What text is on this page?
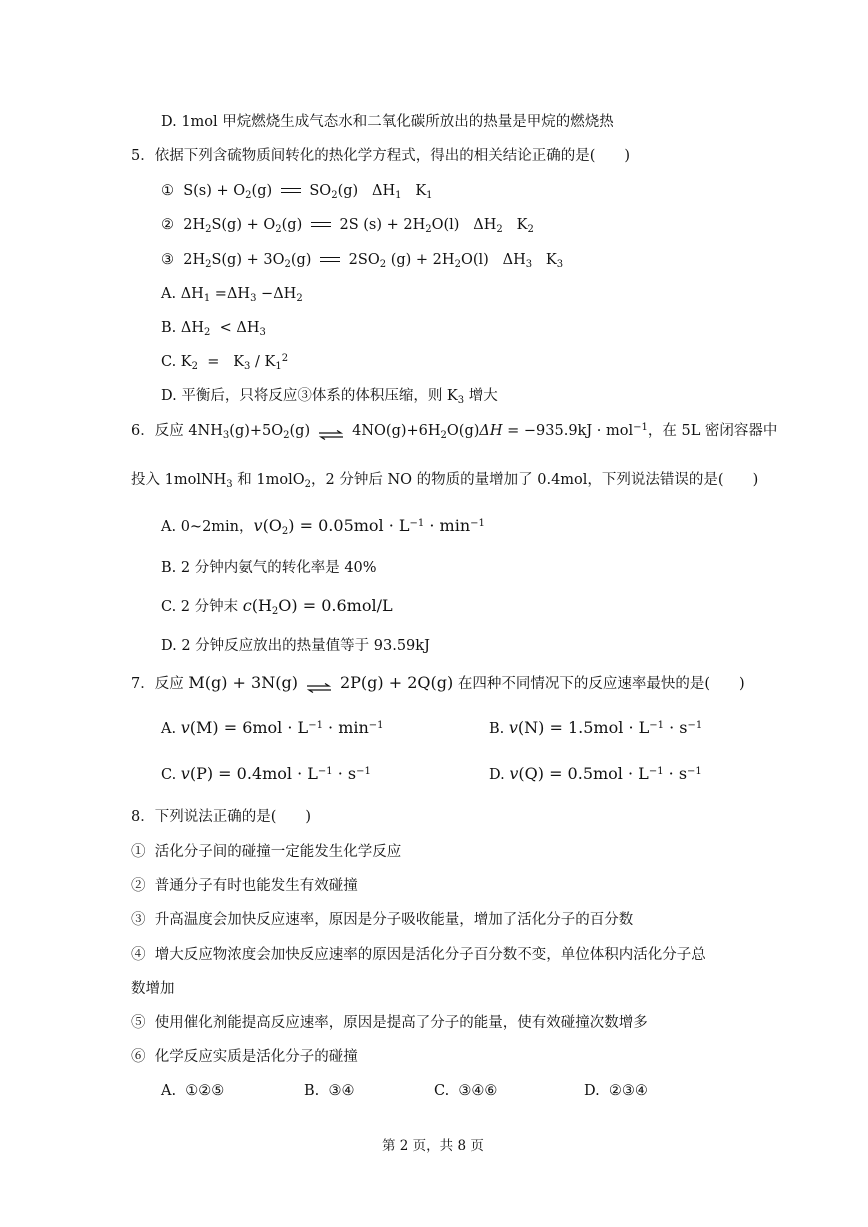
D. 1mol 甲烷燃烧生成气态水和二氧化碳所放出的热量是甲烷的燃烧热
5．依据下列含硫物质间转化的热化学方程式，得出的相关结论正确的是(　　)
①  $S(s) + O_2(g)$  $SO_2(g)$   $\Delta H_1$   $K_1$
②  $2H_2S(g) + O_2(g)$  2S $(s) + 2H_2O(l)$   $\Delta H_2$   $K_2$
③  $2H_2S(g) + 3O_2(g)$  $2SO_2$ $(g) + 2H_2O(l)$   $\Delta H_3$   $K_3$
A. $\Delta H_1 =\Delta H_3 -\Delta H_2$
B. $\Delta H_2 < \Delta H_3$
C. $K_2 = K_3 / K_1^2$
D. 平衡后，只将反应③体系的体积压缩，则 $K_3$ 增大
6．反应 $4NH_3(g)+5O_2(g)$	$4NO(g)+6H_2O(g)\Delta H = -935.9kJ \cdot mol^{-1}$，在 5L 密闭容器中
投入 1molNH$_3$ 和 1molO$_2$，2 分钟后 NO 的物质的量增加了 0.4mol，下列说法错误的是(　　)
A. 0~2min，$v(O_2) = 0.05mol \cdot L^{-1} \cdot \min^{-1}$
B. 2 分钟内氨气的转化率是 40%
C. 2 分钟末 $c(H_2O) = 0.6mol/L$
D. 2 分钟反应放出的热量值等于 93.59kJ
7．反应 M(g) + 3N(g)	2P(g) + 2Q(g) 在四种不同情况下的反应速率最快的是(　　)
A. $v(M) = 6mol \cdot L^{-1} \cdot \min^{-1}$	B. $v(N) = 1.5mol \cdot L^{-1} \cdot s^{-1}$
C. $v(P) = 0.4mol \cdot L^{-1} \cdot s^{-1}$	D. $v(Q) = 0.5mol \cdot L^{-1} \cdot s^{-1}$
8．下列说法正确的是(　　)
①  活化分子间的碰撞一定能发生化学反应
②  普通分子有时也能发生有效碰撞
③  升高温度会加快反应速率，原因是分子吸收能量，增加了活化分子的百分数
④  增大反应物浓度会加快反应速率的原因是活化分子百分数不变，单位体积内活化分子总
数增加
⑤  使用催化剂能提高反应速率，原因是提高了分子的能量，使有效碰撞次数增多
⑥  化学反应实质是活化分子的碰撞
A.  ①②⑤	B.  ③④	C.  ③④⑥	D.  ②③④
第 2 页，共 8 页
